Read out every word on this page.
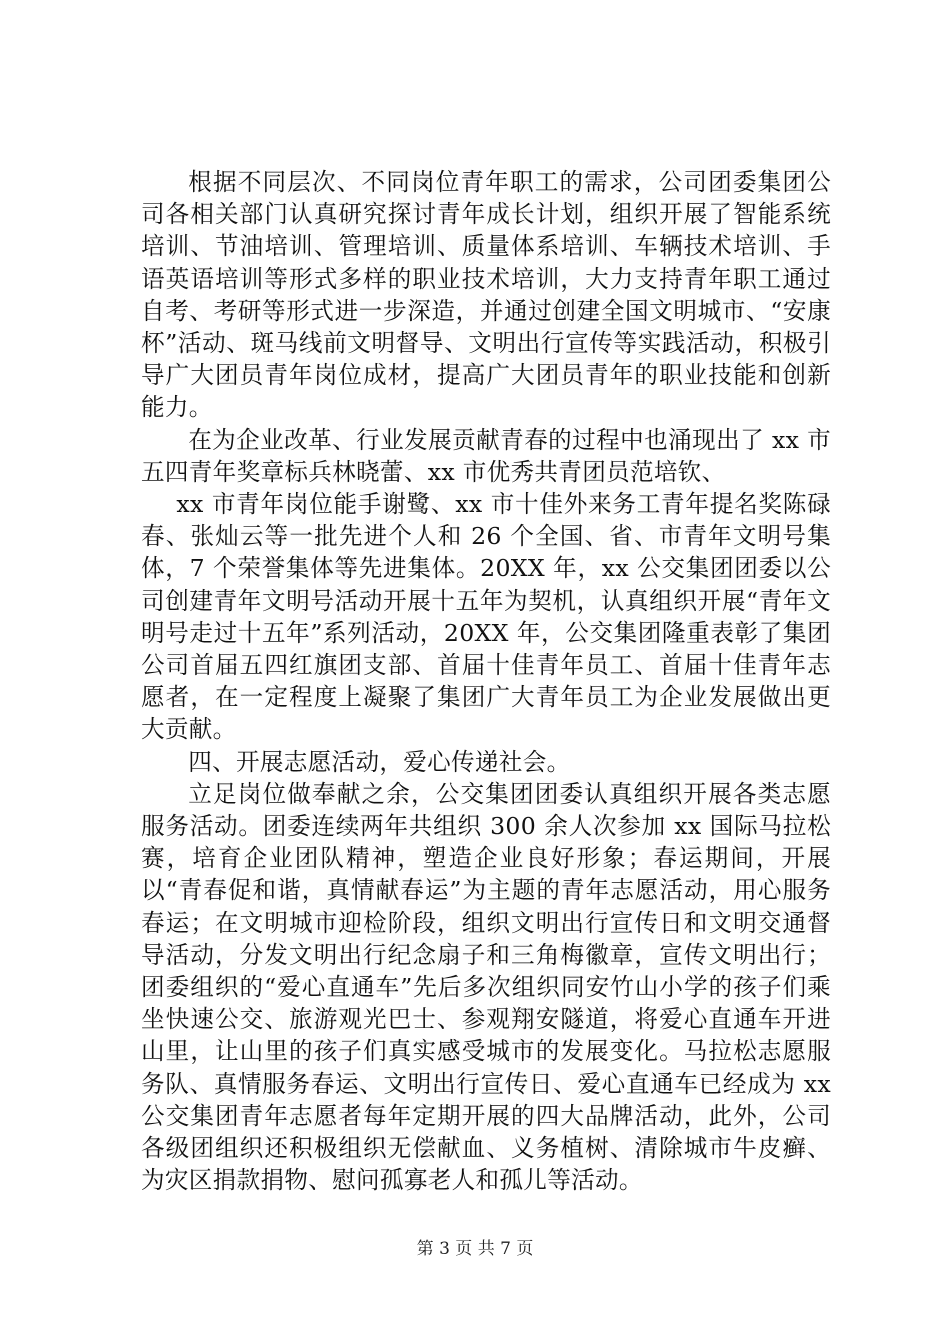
根据不同层次、不同岗位青年职工的需求，公司团委集团公司各相关部门认真研究探讨青年成长计划，组织开展了智能系统培训、节油培训、管理培训、质量体系培训、车辆技术培训、手语英语培训等形式多样的职业技术培训，大力支持青年职工通过自考、考研等形式进一步深造，并通过创建全国文明城市、“安康杯”活动、斑马线前文明督导、文明出行宣传等实践活动，积极引导广大团员青年岗位成材，提高广大团员青年的职业技能和创新能力。

在为企业改革、行业发展贡献青春的过程中也涌现出了 xx 市五四青年奖章标兵林晓蕾、xx 市优秀共青团员范培钦、

xx 市青年岗位能手谢鹭、xx 市十佳外来务工青年提名奖陈碌春、张灿云等一批先进个人和 26 个全国、省、市青年文明号集体，7 个荣誉集体等先进集体。20XX 年，xx 公交集团团委以公司创建青年文明号活动开展十五年为契机，认真组织开展“青年文明号走过十五年”系列活动，20XX 年，公交集团隆重表彰了集团公司首届五四红旗团支部、首届十佳青年员工、首届十佳青年志愿者，在一定程度上凝聚了集团广大青年员工为企业发展做出更大贡献。

四、开展志愿活动，爱心传递社会。

立足岗位做奉献之余，公交集团团委认真组织开展各类志愿服务活动。团委连续两年共组织 300 余人次参加 xx 国际马拉松赛，培育企业团队精神，塑造企业良好形象；春运期间，开展以“青春促和谐，真情献春运”为主题的青年志愿活动，用心服务春运；在文明城市迎检阶段，组织文明出行宣传日和文明交通督导活动，分发文明出行纪念扇子和三角梅徽章，宣传文明出行；团委组织的“爱心直通车”先后多次组织同安竹山小学的孩子们乘坐快速公交、旅游观光巴士、参观翔安隧道，将爱心直通车开进山里，让山里的孩子们真实感受城市的发展变化。马拉松志愿服务队、真情服务春运、文明出行宣传日、爱心直通车已经成为 xx 公交集团青年志愿者每年定期开展的四大品牌活动，此外，公司各级团组织还积极组织无偿献血、义务植树、清除城市牛皮癣、为灾区捐款捐物、慰问孤寡老人和孤儿等活动。

第 3 页 共 7 页
